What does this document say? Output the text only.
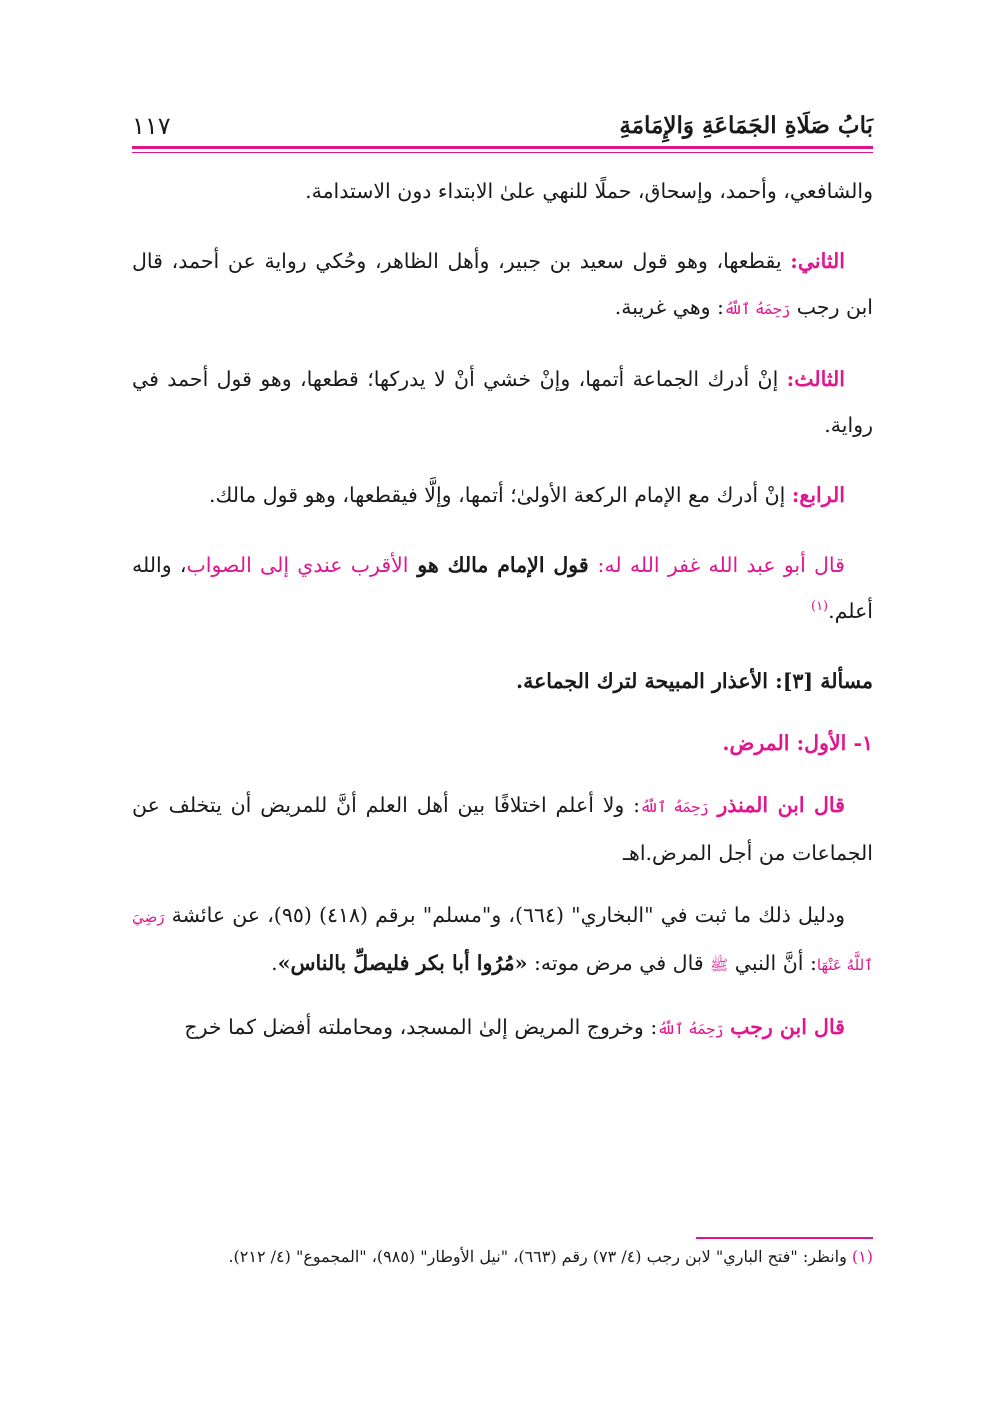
بَابُ صَلَاةِ الجَمَاعَةِ وَالإِمَامَةِ
١١٧

والشافعي، وأحمد، وإسحاق، حملًا للنهي علىٰ الابتداء دون الاستدامة.

الثاني: يقطعها، وهو قول سعيد بن جبير، وأهل الظاهر، وحُكي رواية عن أحمد، قال ابن رجب رَحِمَهُ ٱللَّهُ: وهي غريبة.

الثالث: إنْ أدرك الجماعة أتمها، وإنْ خشي أنْ لا يدركها؛ قطعها، وهو قول أحمد في رواية.

الرابع: إنْ أدرك مع الإمام الركعة الأولىٰ؛ أتمها، وإلَّا فيقطعها، وهو قول مالك.

قال أبو عبد الله غفر الله له: قول الإمام مالك هو الأقرب عندي إلى الصواب، والله أعلم.$^{(١)}$

مسألة [٣]: الأعذار المبيحة لترك الجماعة.

١- الأول: المرض.

قال ابن المنذر رَحِمَهُ ٱللَّهُ: ولا أعلم اختلافًا بين أهل العلم أنَّ للمريض أن يتخلف عن الجماعات من أجل المرض.اهـ

ودليل ذلك ما ثبت في "البخاري" (٦٦٤)، و"مسلم" برقم (٤١٨) (٩٥)، عن عائشة رَضِيَ ٱللَّهُ عَنْهَا: أنَّ النبي ﷺ قال في مرض موته: «مُرُوا أبا بكر فليصلِّ بالناس».

قال ابن رجب رَحِمَهُ ٱللَّهُ: وخروج المريض إلىٰ المسجد، ومحاملته أفضل كما خرج

(١) وانظر: "فتح الباري" لابن رجب (٤/ ٧٣) رقم (٦٦٣)، "نيل الأوطار" (٩٨٥)، "المجموع" (٤/ ٢١٢).
